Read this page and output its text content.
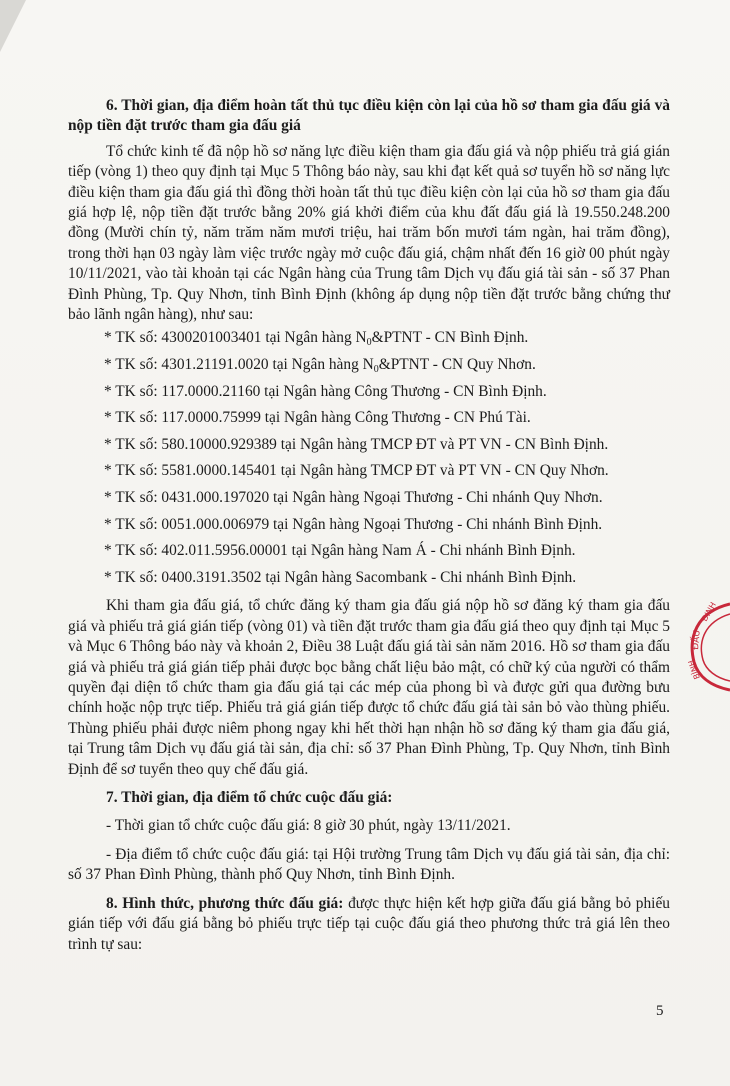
6. Thời gian, địa điểm hoàn tất thủ tục điều kiện còn lại của hồ sơ tham gia đấu giá và nộp tiền đặt trước tham gia đấu giá

Tổ chức kinh tế đã nộp hồ sơ năng lực điều kiện tham gia đấu giá và nộp phiếu trả giá gián tiếp (vòng 1) theo quy định tại Mục 5 Thông báo này, sau khi đạt kết quả sơ tuyển hồ sơ năng lực điều kiện tham gia đấu giá thì đồng thời hoàn tất thủ tục điều kiện còn lại của hồ sơ tham gia đấu giá hợp lệ, nộp tiền đặt trước bằng 20% giá khởi điểm của khu đất đấu giá là 19.550.248.200 đồng (Mười chín tỷ, năm trăm năm mươi triệu, hai trăm bốn mươi tám ngàn, hai trăm đồng), trong thời hạn 03 ngày làm việc trước ngày mở cuộc đấu giá, chậm nhất đến 16 giờ 00 phút ngày 10/11/2021, vào tài khoản tại các Ngân hàng của Trung tâm Dịch vụ đấu giá tài sản - số 37 Phan Đình Phùng, Tp. Quy Nhơn, tỉnh Bình Định (không áp dụng nộp tiền đặt trước bằng chứng thư bảo lãnh ngân hàng), như sau:

* TK số: 4300201003401 tại Ngân hàng $N_0\&PTNT$ - CN Bình Định.

* TK số: 4301.21191.0020 tại Ngân hàng $N_0\&PTNT$ - CN Quy Nhơn.

* TK số: 117.0000.21160 tại Ngân hàng Công Thương - CN Bình Định.

* TK số: 117.0000.75999 tại Ngân hàng Công Thương - CN Phú Tài.

* TK số: 580.10000.929389 tại Ngân hàng TMCP ĐT và PT VN - CN Bình Định.

* TK số: 5581.0000.145401 tại Ngân hàng TMCP ĐT và PT VN - CN Quy Nhơn.

* TK số: 0431.000.197020 tại Ngân hàng Ngoại Thương - Chi nhánh Quy Nhơn.

* TK số: 0051.000.006979 tại Ngân hàng Ngoại Thương - Chi nhánh Bình Định.

* TK số: 402.011.5956.00001 tại Ngân hàng Nam Á - Chi nhánh Bình Định.

* TK số: 0400.3191.3502 tại Ngân hàng Sacombank - Chi nhánh Bình Định.

Khi tham gia đấu giá, tổ chức đăng ký tham gia đấu giá nộp hồ sơ đăng ký tham gia đấu giá và phiếu trả giá gián tiếp (vòng 01) và tiền đặt trước tham gia đấu giá theo quy định tại Mục 5 và Mục 6 Thông báo này và khoản 2, Điều 38 Luật đấu giá tài sản năm 2016. Hồ sơ tham gia đấu giá và phiếu trả giá gián tiếp phải được bọc bằng chất liệu bảo mật, có chữ ký của người có thẩm quyền đại diện tổ chức tham gia đấu giá tại các mép của phong bì và được gửi qua đường bưu chính hoặc nộp trực tiếp. Phiếu trả giá gián tiếp được tổ chức đấu giá tài sản bỏ vào thùng phiếu. Thùng phiếu phải được niêm phong ngay khi hết thời hạn nhận hồ sơ đăng ký tham gia đấu giá, tại Trung tâm Dịch vụ đấu giá tài sản, địa chỉ: số 37 Phan Đình Phùng, Tp. Quy Nhơn, tỉnh Bình Định để sơ tuyển theo quy chế đấu giá.

7. Thời gian, địa điểm tổ chức cuộc đấu giá:

- Thời gian tổ chức cuộc đấu giá: 8 giờ 30 phút, ngày 13/11/2021.

- Địa điểm tổ chức cuộc đấu giá: tại Hội trường Trung tâm Dịch vụ đấu giá tài sản, địa chỉ: số 37 Phan Đình Phùng, thành phố Quy Nhơn, tỉnh Bình Định.

8. Hình thức, phương thức đấu giá: được thực hiện kết hợp giữa đấu giá bằng bỏ phiếu gián tiếp với đấu giá bằng bỏ phiếu trực tiếp tại cuộc đấu giá theo phương thức trả giá lên theo trình tự sau:

ĐINH
ĐẤU
BÌNH
5
